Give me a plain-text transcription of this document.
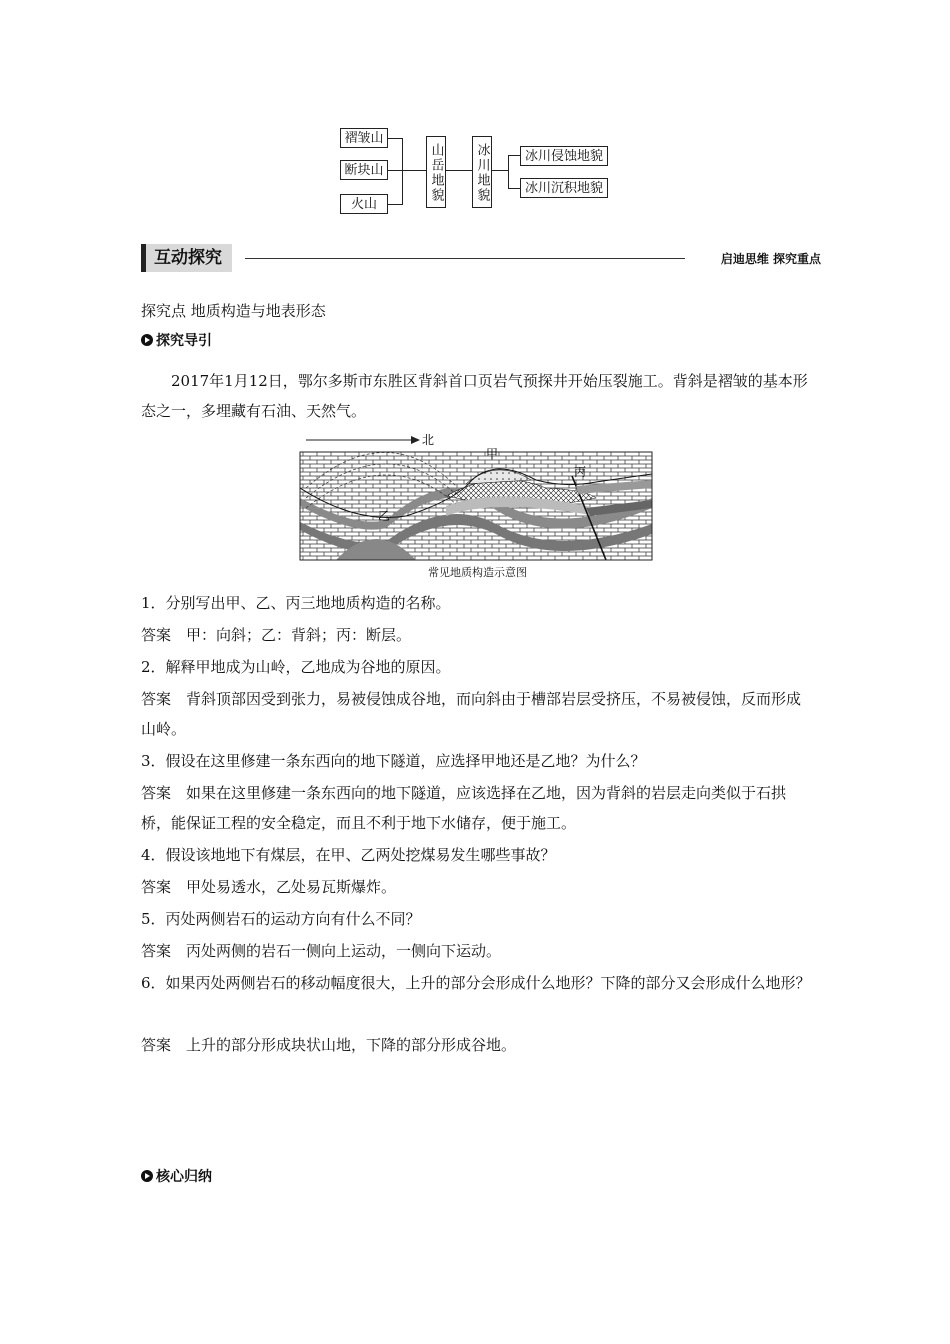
褶皱山
断块山
火山
山岳地貌 冰川地貌	冰川侵蚀地貌
冰川沉积地貌
互动探究	启迪思维 探究重点
探究点 地质构造与地表形态
探究导引
2017年1月12日，鄂尔多斯市东胜区背斜首口页岩气预探井开始压裂施工。背斜是褶皱的基本形态之一，多埋藏有石油、天然气。
北
甲
乙
丙
常见地质构造示意图
1．分别写出甲、乙、丙三地地质构造的名称。
答案　甲：向斜；乙：背斜；丙：断层。
2．解释甲地成为山岭，乙地成为谷地的原因。
答案　背斜顶部因受到张力，易被侵蚀成谷地，而向斜由于槽部岩层受挤压，不易被侵蚀，反而形成山岭。
3．假设在这里修建一条东西向的地下隧道，应选择甲地还是乙地？为什么？
答案　如果在这里修建一条东西向的地下隧道，应该选择在乙地，因为背斜的岩层走向类似于石拱桥，能保证工程的安全稳定，而且不利于地下水储存，便于施工。
4．假设该地地下有煤层，在甲、乙两处挖煤易发生哪些事故？
答案　甲处易透水，乙处易瓦斯爆炸。
5．丙处两侧岩石的运动方向有什么不同？
答案　丙处两侧的岩石一侧向上运动，一侧向下运动。
6．如果丙处两侧岩石的移动幅度很大，上升的部分会形成什么地形？下降的部分又会形成什么地形？
答案　上升的部分形成块状山地，下降的部分形成谷地。
核心归纳
